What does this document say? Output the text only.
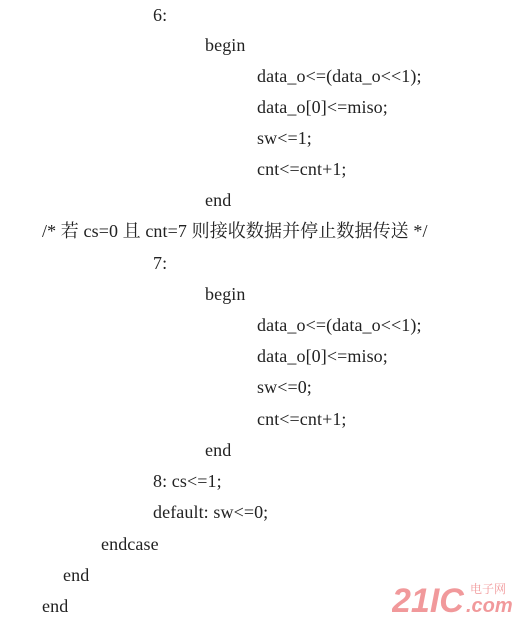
6:
begin
data_o<=(data_o<<1);
data_o[0]<=miso;
sw<=1;
cnt<=cnt+1;
end
/* 若 cs=0 且 cnt=7 则接收数据并停止数据传送 */
7:
begin
data_o<=(data_o<<1);
data_o[0]<=miso;
sw<=0;
cnt<=cnt+1;
end
8: cs<=1;
default: sw<=0;
endcase
end
end	21IC 电子网
.com
